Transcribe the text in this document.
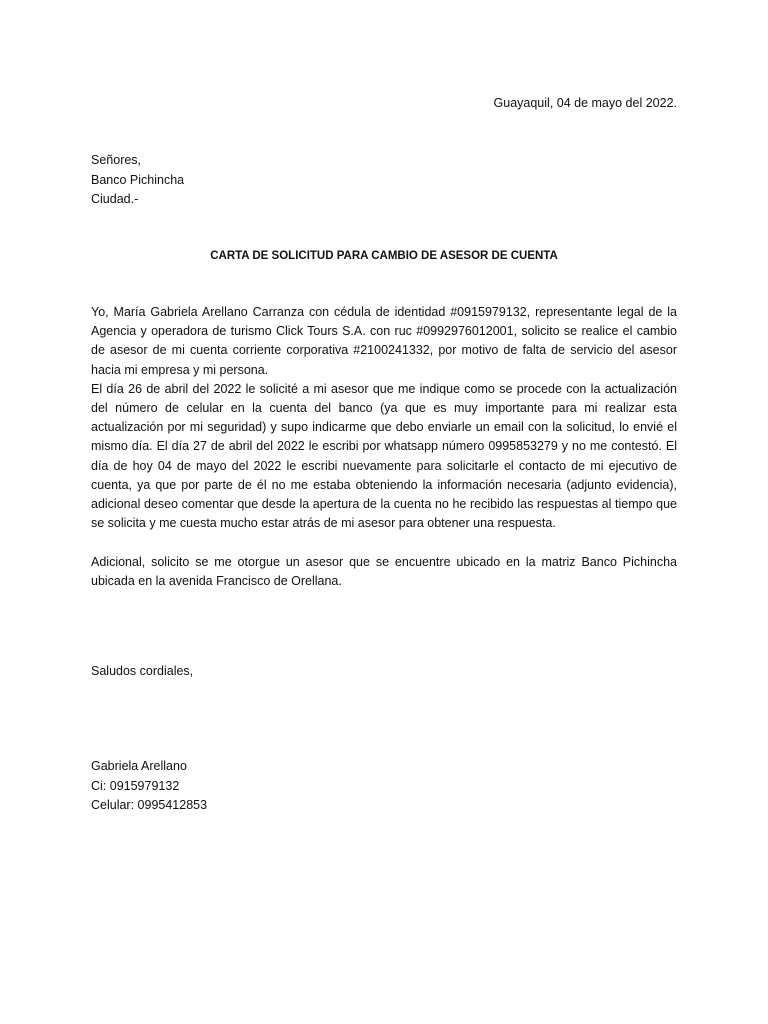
Guayaquil, 04 de mayo del 2022.
Señores,
Banco Pichincha
Ciudad.-
CARTA DE SOLICITUD PARA CAMBIO DE ASESOR DE CUENTA

Yo, María Gabriela Arellano Carranza con cédula de identidad #0915979132, representante legal de la Agencia y operadora de turismo Click Tours S.A. con ruc #0992976012001, solicito se realice el cambio de asesor de mi cuenta corriente corporativa #2100241332, por motivo de falta de servicio del asesor hacia mi empresa y mi persona.

El día 26 de abril del 2022 le solicité a mi asesor que me indique como se procede con la actualización del número de celular en la cuenta del banco (ya que es muy importante para mi realizar esta actualización por mi seguridad) y supo indicarme que debo enviarle un email con la solicitud, lo envié el mismo día. El día 27 de abril del 2022 le escribi por whatsapp número 0995853279 y no me contestó. El día de hoy 04 de mayo del 2022 le escribi nuevamente para solicitarle el contacto de mi ejecutivo de cuenta, ya que por parte de él no me estaba obteniendo la información necesaria (adjunto evidencia), adicional deseo comentar que desde la apertura de la cuenta no he recibido las respuestas al tiempo que se solicita y me cuesta mucho estar atrás de mi asesor para obtener una respuesta.

Adicional, solicito se me otorgue un asesor que se encuentre ubicado en la matriz Banco Pichincha ubicada en la avenida Francisco de Orellana.

Saludos cordiales,
Gabriela Arellano
Ci: 0915979132
Celular: 0995412853
